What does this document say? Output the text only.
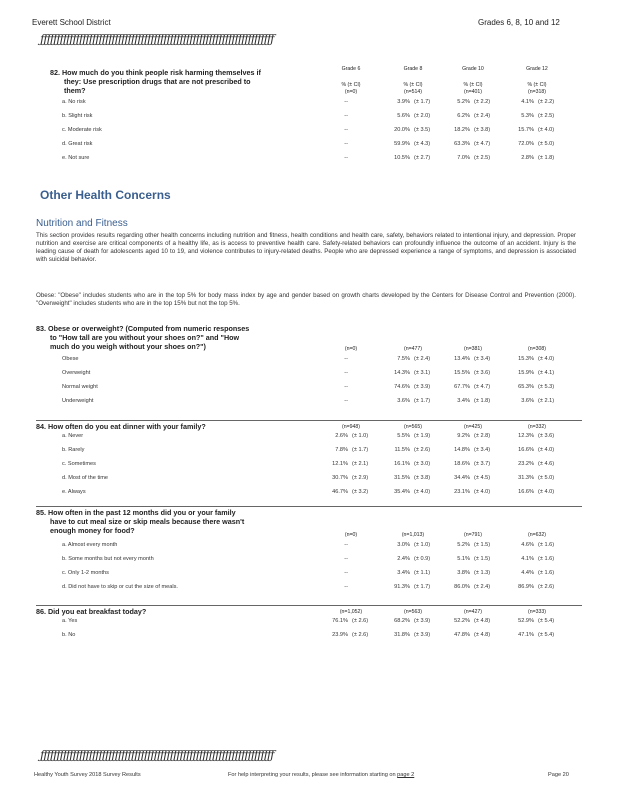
Everett School District	Grades 6, 8, 10 and 12
ƒƒƒƒƒƒƒƒƒƒƒƒƒƒƒƒƒƒƒƒƒƒƒƒƒƒƒƒƒƒƒƒƒƒƒƒƒƒƒƒƒƒƒƒƒƒƒƒƒƒƒƒƒƒƒƒƒƒƒƒƒƒƒƒƒƒƒƒƒƒƒƒ
Grade 6	Grade 8	Grade 10	Grade 12
% (± CI)	% (± CI)	% (± CI)	% (± CI)
82. How much do you think people risk harming themselves if
they: Use prescription drugs that are not prescribed to
them?	(n=0)	(n=514)	(n=401)	(n=318)
a. No risk	--	3.9% (± 1.7)	5.2% (± 2.2)	4.1% (± 2.2)
b. Slight risk	--	5.6% (± 2.0)	6.2% (± 2.4)	5.3% (± 2.5)
c. Moderate risk	--	20.0% (± 3.5)	18.2% (± 3.8)	15.7% (± 4.0)
d. Great risk	--	59.9% (± 4.3)	63.3% (± 4.7)	72.0% (± 5.0)
e. Not sure	--	10.5% (± 2.7)	7.0% (± 2.5)	2.8% (± 1.8)
Other Health Concerns
Nutrition and Fitness
This section provides results regarding other health concerns including nutrition and fitness, health conditions and health care, safety, behaviors related to intentional injury, and depression. Proper nutrition and exercise are critical components of a healthy life, as is access to preventive health care. Safety-related behaviors can profoundly influence the outcome of an accident. Injury is the leading cause of death for adolescents aged 10 to 19, and violence contributes to injury-related deaths. People who are depressed experience a range of symptoms, and depression is associated with suicidal behavior.
Obese: "Obese" includes students who are in the top 5% for body mass index by age and gender based on growth charts developed by the Centers for Disease Control and Prevention (2000). "Overweight" includes students who are in the top 15% but not the top 5%.
83. Obese or overweight? (Computed from numeric responses
to "How tall are you without your shoes on?" and "How
much do you weigh without your shoes on?")	(n=0)	(n=477)	(n=381)	(n=308)
Obese	--	7.5% (± 2.4)	13.4% (± 3.4)	15.3% (± 4.0)
Overweight	--	14.3% (± 3.1)	15.5% (± 3.6)	15.9% (± 4.1)
Normal weight	--	74.6% (± 3.9)	67.7% (± 4.7)	65.3% (± 5.3)
Underweight	--	3.6% (± 1.7)	3.4% (± 1.8)	3.6% (± 2.1)
84. How often do you eat dinner with your family?	(n=948)	(n=565)	(n=425)	(n=332)
a. Never	2.6% (± 1.0)	5.5% (± 1.9)	9.2% (± 2.8)	12.3% (± 3.6)
b. Rarely	7.8% (± 1.7)	11.5% (± 2.6)	14.8% (± 3.4)	16.6% (± 4.0)
c. Sometimes	12.1% (± 2.1)	16.1% (± 3.0)	18.6% (± 3.7)	23.2% (± 4.6)
d. Most of the time	30.7% (± 2.9)	31.5% (± 3.8)	34.4% (± 4.5)	31.3% (± 5.0)
e. Always	46.7% (± 3.2)	35.4% (± 4.0)	23.1% (± 4.0)	16.6% (± 4.0)
85. How often in the past 12 months did you or your family
have to cut meal size or skip meals because there wasn't
enough money for food?	(n=0)	(n=1,013)	(n=791)	(n=632)
a. Almost every month	--	3.0% (± 1.0)	5.2% (± 1.5)	4.6% (± 1.6)
b. Some months but not every month	--	2.4% (± 0.9)	5.1% (± 1.5)	4.1% (± 1.6)
c. Only 1-2 months	--	3.4% (± 1.1)	3.8% (± 1.3)	4.4% (± 1.6)
d. Did not have to skip or cut the size of meals.	--	91.3% (± 1.7)	86.0% (± 2.4)	86.9% (± 2.6)
86. Did you eat breakfast today?	(n=1,052)	(n=563)	(n=427)	(n=333)
a. Yes	76.1% (± 2.6)	68.2% (± 3.9)	52.2% (± 4.8)	52.9% (± 5.4)
b. No	23.9% (± 2.6)	31.8% (± 3.9)	47.8% (± 4.8)	47.1% (± 5.4)
ƒƒƒƒƒƒƒƒƒƒƒƒƒƒƒƒƒƒƒƒƒƒƒƒƒƒƒƒƒƒƒƒƒƒƒƒƒƒƒƒƒƒƒƒƒƒƒƒƒƒƒƒƒƒƒƒƒƒƒƒƒƒƒƒƒƒƒƒƒƒƒƒ
Healthy Youth Survey 2018 Survey Results	For help interpreting your results, please see information starting on page 2	Page 20
